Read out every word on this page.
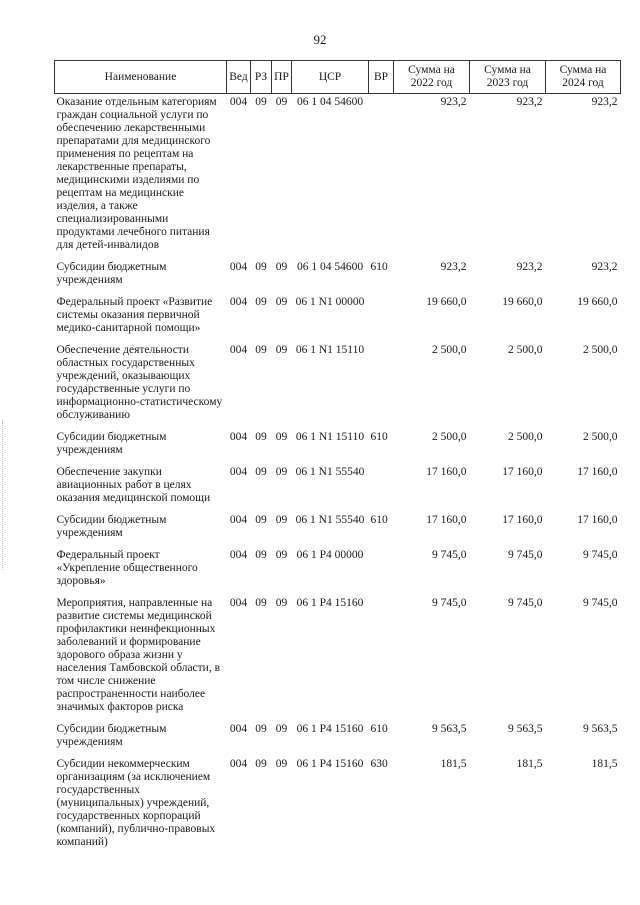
92
Наименование	Вед	РЗ	ПР	ЦСР	ВР	Сумма на 2022 год	Сумма на 2023 год	Сумма на 2024 год
Оказание отдельным категориям граждан социальной услуги по обеспечению лекарственными препаратами для медицинского применения по рецептам на лекарственные препараты, медицинскими изделиями по рецептам на медицинские изделия, а также специализированными продуктами лечебного питания для детей-инвалидов	004	09	09	06 1 04 54600		923,2	923,2	923,2
Субсидии бюджетным учреждениям	004	09	09	06 1 04 54600	610	923,2	923,2	923,2
Федеральный проект «Развитие системы оказания первичной медико-санитарной помощи»	004	09	09	06 1 N1 00000		19 660,0	19 660,0	19 660,0
Обеспечение деятельности областных государственных учреждений, оказывающих государственные услуги по информационно-статистическому обслуживанию	004	09	09	06 1 N1 15110		2 500,0	2 500,0	2 500,0
Субсидии бюджетным учреждениям	004	09	09	06 1 N1 15110	610	2 500,0	2 500,0	2 500,0
Обеспечение закупки авиационных работ в целях оказания медицинской помощи	004	09	09	06 1 N1 55540		17 160,0	17 160,0	17 160,0
Субсидии бюджетным учреждениям	004	09	09	06 1 N1 55540	610	17 160,0	17 160,0	17 160,0
Федеральный проект «Укрепление общественного здоровья»	004	09	09	06 1 P4 00000		9 745,0	9 745,0	9 745,0
Мероприятия, направленные на развитие системы медицинской профилактики неинфекционных заболеваний и формирование здорового образа жизни у населения Тамбовской области, в том числе снижение распространенности наиболее значимых факторов риска	004	09	09	06 1 P4 15160		9 745,0	9 745,0	9 745,0
Субсидии бюджетным учреждениям	004	09	09	06 1 P4 15160	610	9 563,5	9 563,5	9 563,5
Субсидии некоммерческим организациям (за исключением государственных (муниципальных) учреждений, государственных корпораций (компаний), публично-правовых компаний)	004	09	09	06 1 P4 15160	630	181,5	181,5	181,5
